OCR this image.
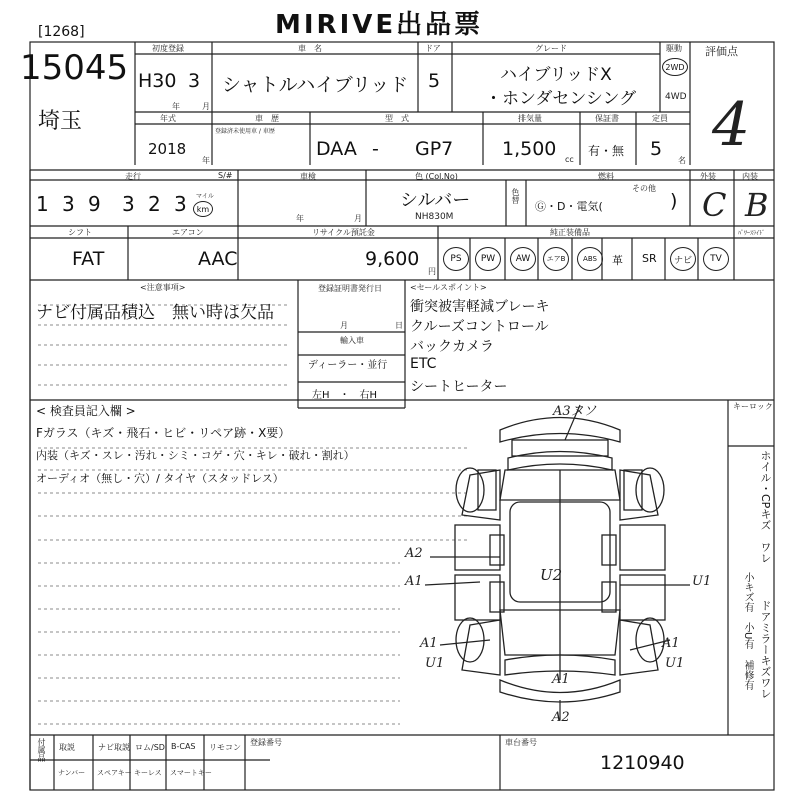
MIRIVE出品票
[1268]
15045
埼玉
初度登録
H30 3
年	月
車　名
シャトルハイブリッド
ドア
5
グレード
ハイブリッドX
・ホンダセンシング
駆動
2WD
4WD
評価点
4
年式
2018
年
車　歴
登録済未使用車 / 車歴
型　式
DAA - GP7
排気量
1,500 cc
保証書
有・無
定員
5
名
走行
1 3 9 3 2 3 マイル
km
S/#	車検
年	月
色 (Col.No)
シルバー
NH830M
色替
燃料
その他
Ⓖ・D・電気(	)
外装
C
内装
B
シフト
FAT
エアコン
AAC
リサイクル預託金
9,600
円
純正装備品	ﾊﾟﾜｰｽﾗｲﾄﾞ
PS	PW	AW	エアB	ABS	革 SR	ナビ	TV
<注意事項>
ナビ付属品積込　無い時は欠品
登録証明書発行日
月	日
輸入車
ディーラー・並行
左H　・　右H
<セールスポイント>
衝突被害軽減ブレーキ
クルーズコントロール
バックカメラ
ETC
シートヒーター
< 検査員記入欄 >
Fガラス（キズ・飛石・ヒビ・リペア跡・X要）
内装（キズ・スレ・汚れ・シミ・コゲ・穴・キレ・破れ・割れ）
オーディオ（無し・穴）/ タイヤ（スタッドレス）
キーロック
ホイル・CPキズ　ワレ
小キズ有　小U有 ドアミラーキズワレ
補修有
A3ヌソ
A2
A1
A1
U1
U2	U1
A1
U1
A1
A2
付属品 取説	ナビ取説 ロム/SD B-CAS リモコン
ナンバー スペアキー キーレス スマートキー
登録番号	車台番号
1210940
